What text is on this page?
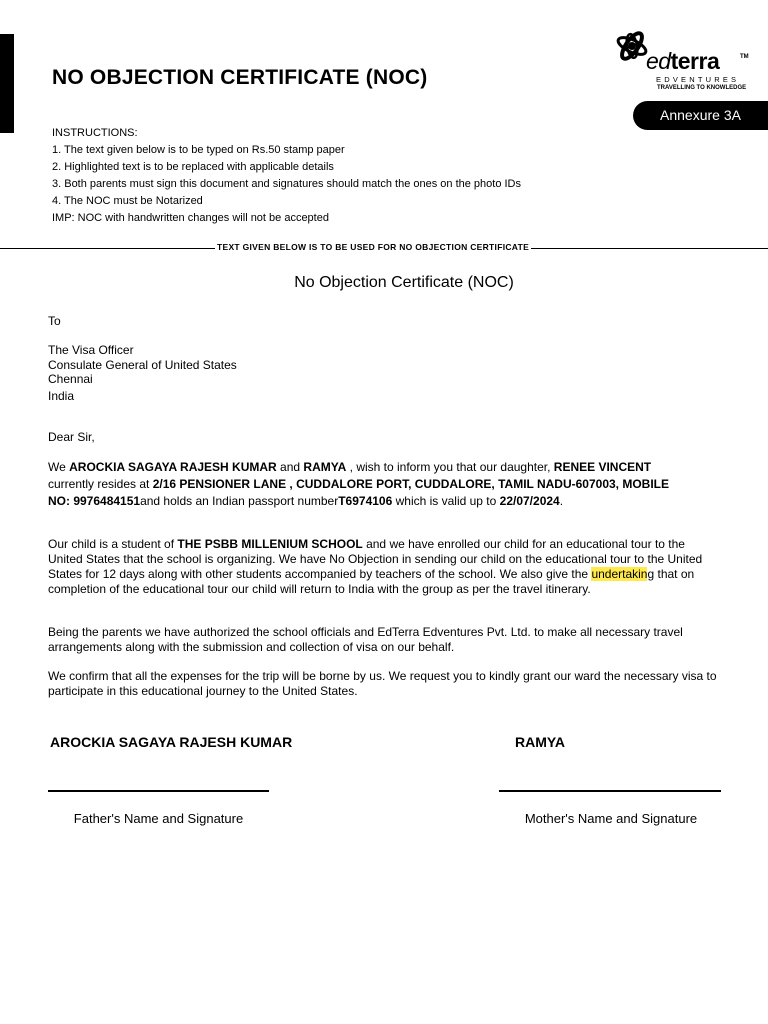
NO OBJECTION CERTIFICATE (NOC)
edterra	TM
EDVENTURES
TRAVELLING TO KNOWLEDGE
Annexure 3A
INSTRUCTIONS:
1. The text given below is to be typed on Rs.50 stamp paper
2. Highlighted text is to be replaced with applicable details
3. Both parents must sign this document and signatures should match the ones on the photo IDs
4. The NOC must be Notarized
IMP: NOC with handwritten changes will not be accepted
TEXT GIVEN BELOW IS TO BE USED FOR NO OBJECTION CERTIFICATE
No Objection Certificate (NOC)
To
The Visa Officer
Consulate General of United States
Chennai
India
Dear Sir,
We AROCKIA SAGAYA RAJESH KUMAR and RAMYA , wish to inform you that our daughter, RENEE VINCENT currently resides at 2/16 PENSIONER LANE , CUDDALORE PORT, CUDDALORE, TAMIL NADU-607003, MOBILE NO: 9976484151and holds an Indian passport numberT6974106 which is valid up to 22/07/2024.
Our child is a student of THE PSBB MILLENIUM SCHOOL and we have enrolled our child for an educational tour to the United States that the school is organizing. We have No Objection in sending our child on the educational tour to the United States for 12 days along with other students accompanied by teachers of the school. We also give the undertaking that on completion of the educational tour our child will return to India with the group as per the travel itinerary.
Being the parents we have authorized the school officials and EdTerra Edventures Pvt. Ltd. to make all necessary travel arrangements along with the submission and collection of visa on our behalf.
We confirm that all the expenses for the trip will be borne by us. We request you to kindly grant our ward the necessary visa to participate in this educational journey to the United States.
AROCKIA SAGAYA RAJESH KUMAR	RAMYA
Father's Name and Signature	Mother's Name and Signature
